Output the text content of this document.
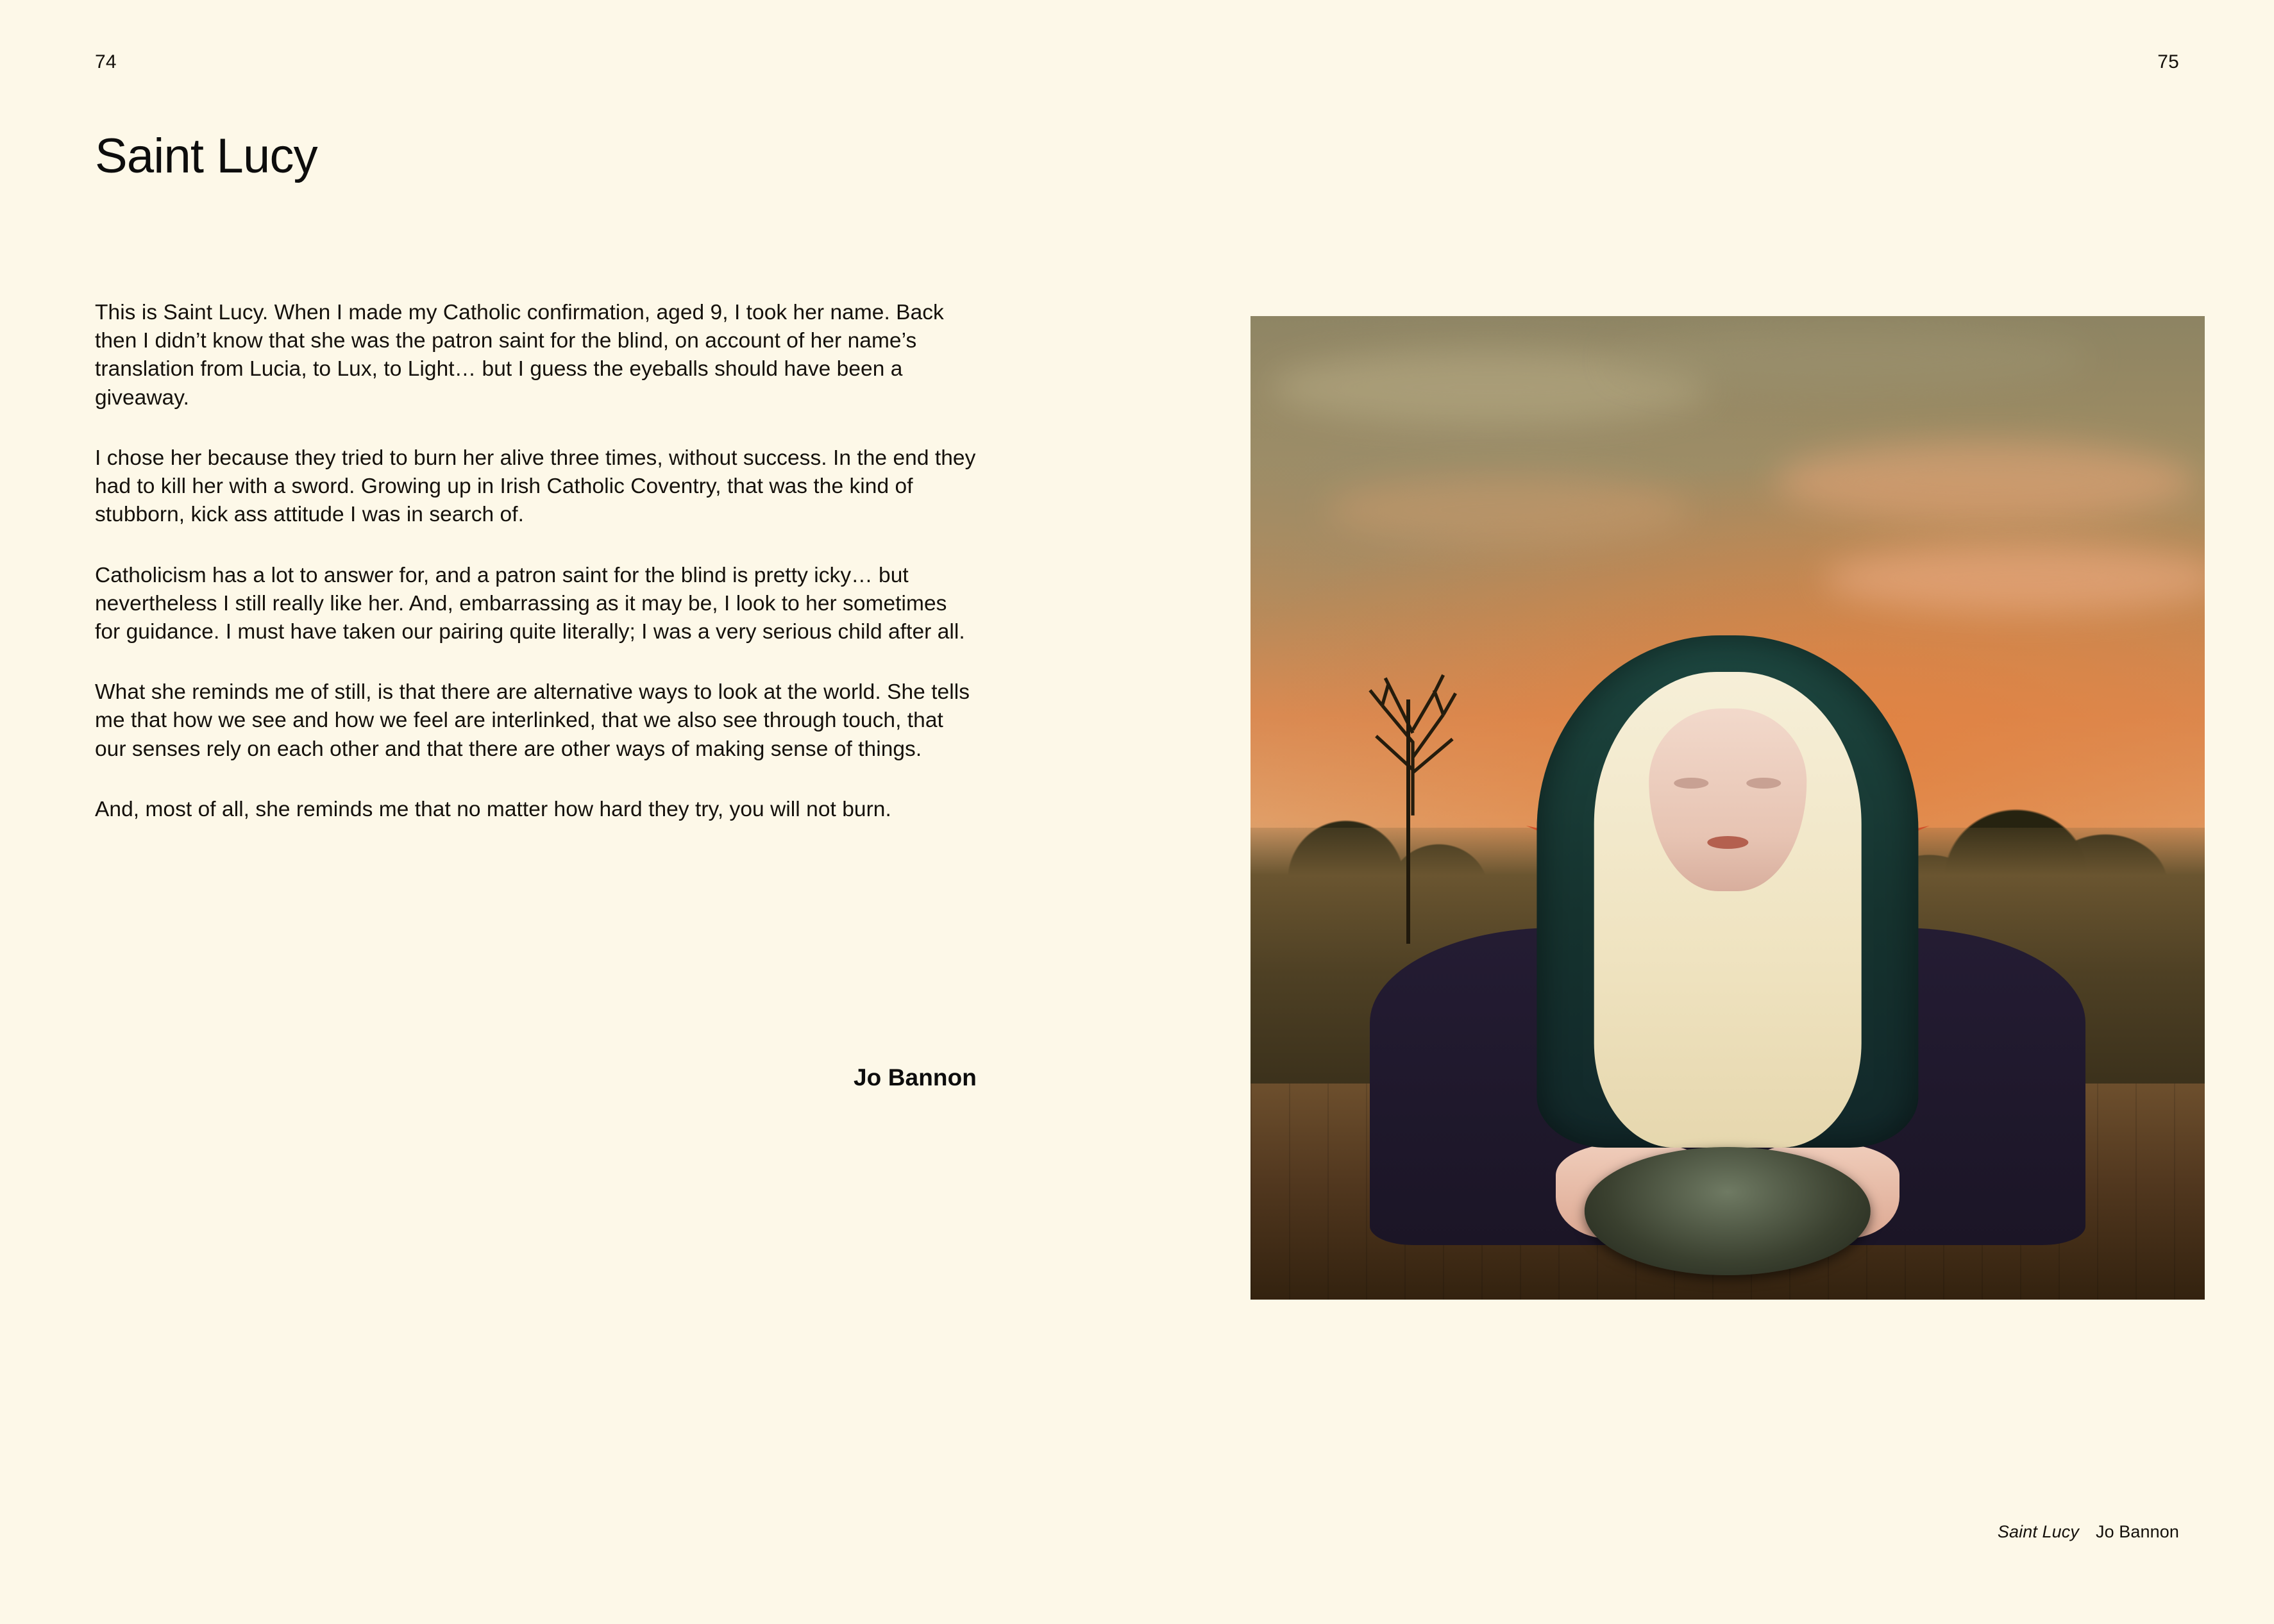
74	75
Saint Lucy

This is Saint Lucy. When I made my Catholic confirmation, aged 9, I took her name. Back then I didn’t know that she was the patron saint for the blind, on account of her name’s translation from Lucia, to Lux, to Light… but I guess the eyeballs should have been a giveaway.

I chose her because they tried to burn her alive three times, without success. In the end they had to kill her with a sword. Growing up in Irish Catholic Coventry, that was the kind of stubborn, kick ass attitude I was in search of.

Catholicism has a lot to answer for, and a patron saint for the blind is pretty icky… but nevertheless I still really like her. And, embarrassing as it may be, I look to her sometimes for guidance. I must have taken our pairing quite literally; I was a very serious child after all.

What she reminds me of still, is that there are alternative ways to look at the world. She tells me that how we see and how we feel are interlinked, that we also see through touch, that our senses rely on each other and that there are other ways of making sense of things.

And, most of all, she reminds me that no matter how hard they try, you will not burn.

Jo Bannon
Saint Lucy Jo Bannon
